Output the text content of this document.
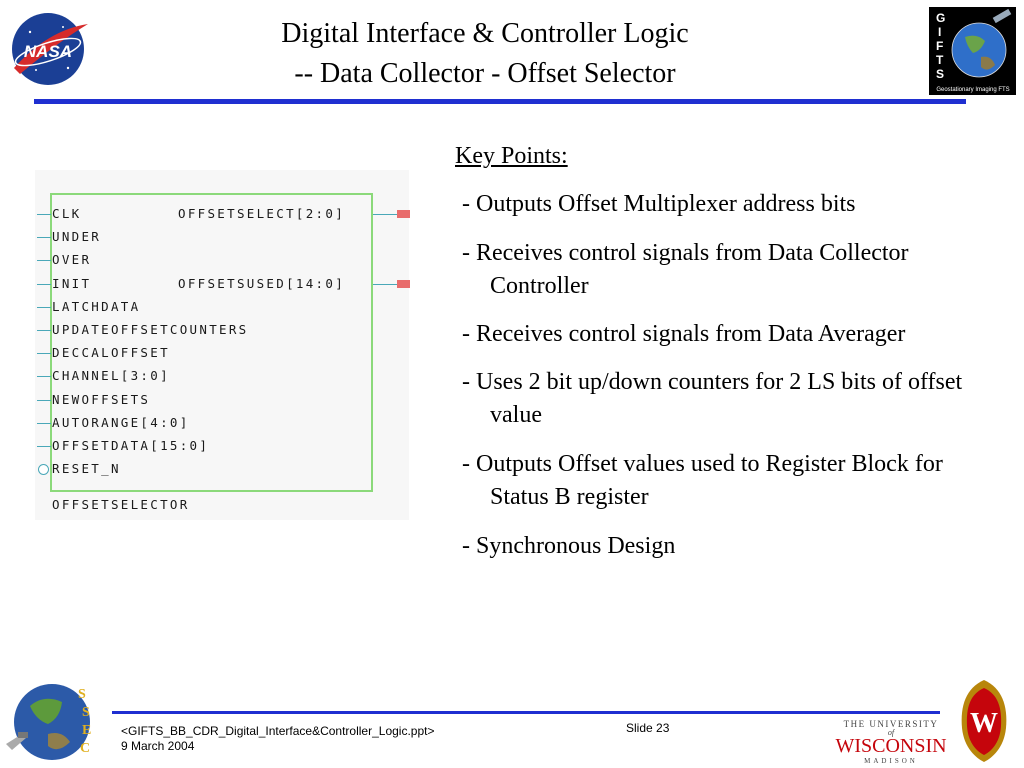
NASA
Digital Interface & Controller Logic
-- Data Collector - Offset Selector
G
I
F
T
S
Geostationary Imaging FTS
CLK
UNDER
OVER
INIT
LATCHDATA
UPDATEOFFSETCOUNTERS
DECCALOFFSET
CHANNEL[3:0]
NEWOFFSETS
AUTORANGE[4:0]
OFFSETDATA[15:0]
RESET_N
OFFSETSELECT[2:0]
OFFSETSUSED[14:0]
OFFSETSELECTOR
Key Points:
- Outputs Offset Multiplexer address bits
- Receives control signals from Data Collector Controller
- Receives control signals from Data Averager
- Uses 2 bit up/down counters for 2 LS bits of offset value
- Outputs Offset values used to Register Block for Status B register
- Synchronous Design
S
S
E
C
<GIFTS_BB_CDR_Digital_Interface&Controller_Logic.ppt>
9 March 2004
Slide 23	THE UNIVERSITY
of
WISCONSIN
MADISON
W
